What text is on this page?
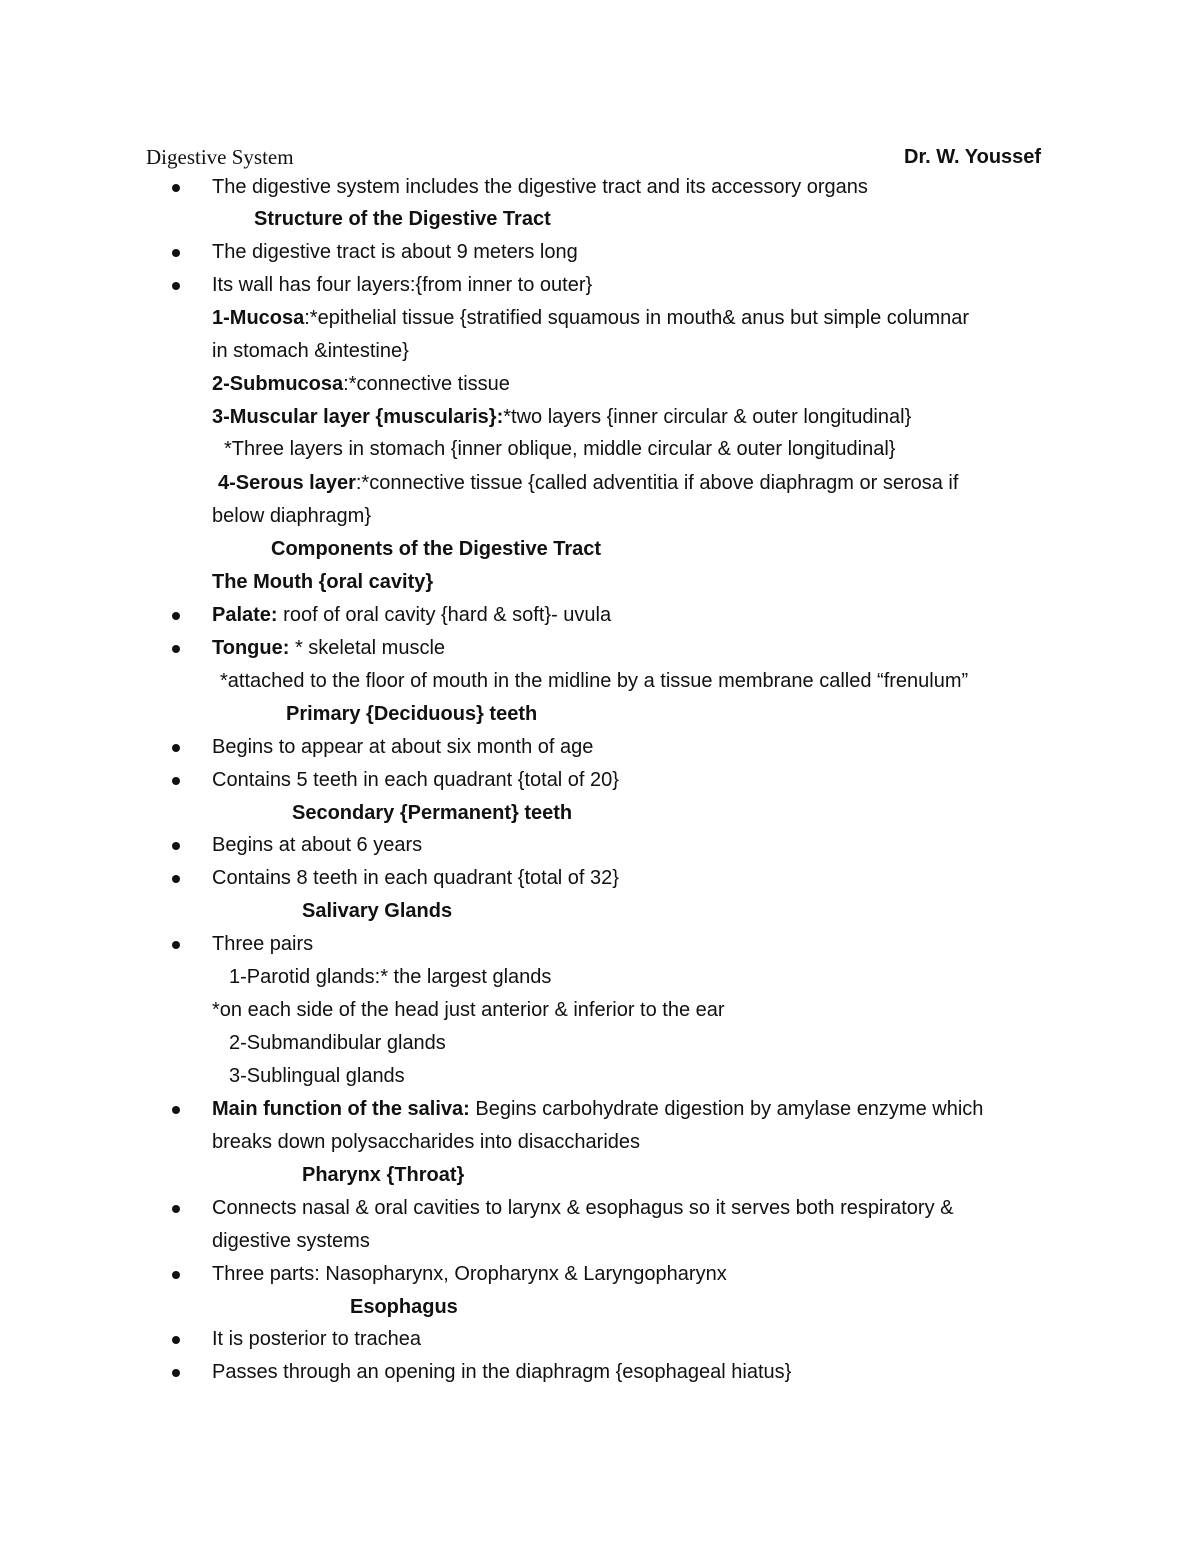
Digestive System	Dr. W. Youssef
The digestive system includes the digestive tract and its accessory organs
Structure of the Digestive Tract
The digestive tract is about 9 meters long
Its wall has four layers:{from inner to outer}
1-Mucosa:*epithelial tissue {stratified squamous in mouth& anus but simple columnar
in stomach &intestine}
2-Submucosa:*connective tissue
3-Muscular layer {muscularis}:*two layers {inner circular & outer longitudinal}
*Three layers in stomach {inner oblique, middle circular & outer longitudinal}
4-Serous layer:*connective tissue {called adventitia if above diaphragm or serosa if
below diaphragm}
Components of the Digestive Tract
The Mouth {oral cavity}
Palate: roof of oral cavity {hard & soft}- uvula
Tongue: * skeletal muscle
*attached to the floor of mouth in the midline by a tissue membrane called “frenulum”
Primary {Deciduous} teeth
Begins to appear at about six month of age
Contains 5 teeth in each quadrant {total of 20}
Secondary {Permanent} teeth
Begins at about 6 years
Contains 8 teeth in each quadrant {total of 32}
Salivary Glands
Three pairs
1-Parotid glands:* the largest glands
*on each side of the head just anterior & inferior to the ear
2-Submandibular glands
3-Sublingual glands
Main function of the saliva: Begins carbohydrate digestion by amylase enzyme which
breaks down polysaccharides into disaccharides
Pharynx {Throat}
Connects nasal & oral cavities to larynx & esophagus so it serves both respiratory &
digestive systems
Three parts: Nasopharynx, Oropharynx & Laryngopharynx
Esophagus
It is posterior to trachea
Passes through an opening in the diaphragm {esophageal hiatus}
